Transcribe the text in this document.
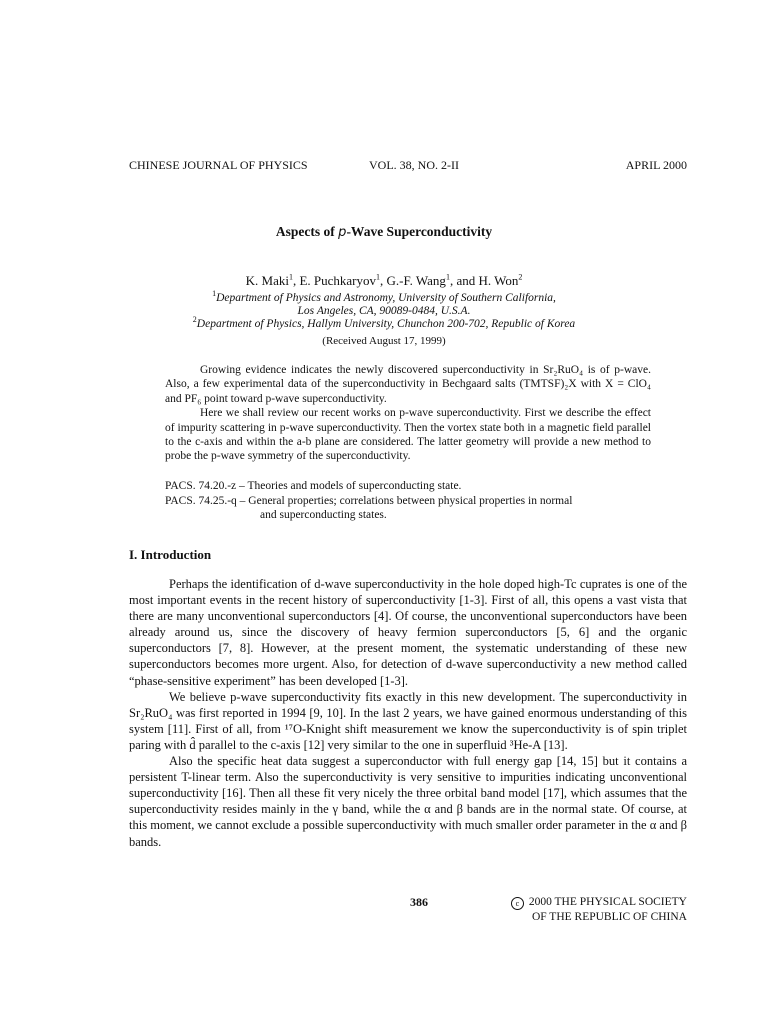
CHINESE JOURNAL OF PHYSICS	VOL. 38, NO. 2-II	APRIL 2000
Aspects of p-Wave Superconductivity
K. Maki$^1$, E. Puchkaryov$^1$, G.-F. Wang$^1$, and H. Won$^2$
$^1$Department of Physics and Astronomy, University of Southern California,
Los Angeles, CA, 90089-0484, U.S.A.
$^2$Department of Physics, Hallym University, Chunchon 200-702, Republic of Korea
(Received August 17, 1999)

Growing evidence indicates the newly discovered superconductivity in Sr₂RuO₄ is of p-wave. Also, a few experimental data of the superconductivity in Bechgaard salts (TMTSF)₂X with X = ClO₄ and PF₆ point toward p-wave superconductivity.

Here we shall review our recent works on p-wave superconductivity. First we describe the effect of impurity scattering in p-wave superconductivity. Then the vortex state both in a magnetic field parallel to the c-axis and within the a-b plane are considered. The latter geometry will provide a new method to probe the p-wave symmetry of the superconductivity.

PACS. 74.20.-z – Theories and models of superconducting state.
PACS. 74.25.-q – General properties; correlations between physical properties in normal
and superconducting states.
I. Introduction

Perhaps the identification of d-wave superconductivity in the hole doped high-Tc cuprates is one of the most important events in the recent history of superconductivity [1-3]. First of all, this opens a vast vista that there are many unconventional superconductors [4]. Of course, the unconventional superconductors have been already around us, since the discovery of heavy fermion superconductors [5, 6] and the organic superconductors [7, 8]. However, at the present moment, the systematic understanding of these new superconductors becomes more urgent. Also, for detection of d-wave superconductivity a new method called “phase-sensitive experiment” has been developed [1-3].

We believe p-wave superconductivity fits exactly in this new development. The superconductivity in Sr₂RuO₄ was first reported in 1994 [9, 10]. In the last 2 years, we have gained enormous understanding of this system [11]. First of all, from ¹⁷O-Knight shift measurement we know the superconductivity is of spin triplet paring with d̂ parallel to the c-axis [12] very similar to the one in superfluid ³He-A [13].

Also the specific heat data suggest a superconductor with full energy gap [14, 15] but it contains a persistent T-linear term. Also the superconductivity is very sensitive to impurities indicating unconventional superconductivity [16]. Then all these fit very nicely the three orbital band model [17], which assumes that the superconductivity resides mainly in the γ band, while the α and β bands are in the normal state. Of course, at this moment, we cannot exclude a possible superconductivity with much smaller order parameter in the α and β bands.

386	c 2000 THE PHYSICAL SOCIETY
OF THE REPUBLIC OF CHINA
